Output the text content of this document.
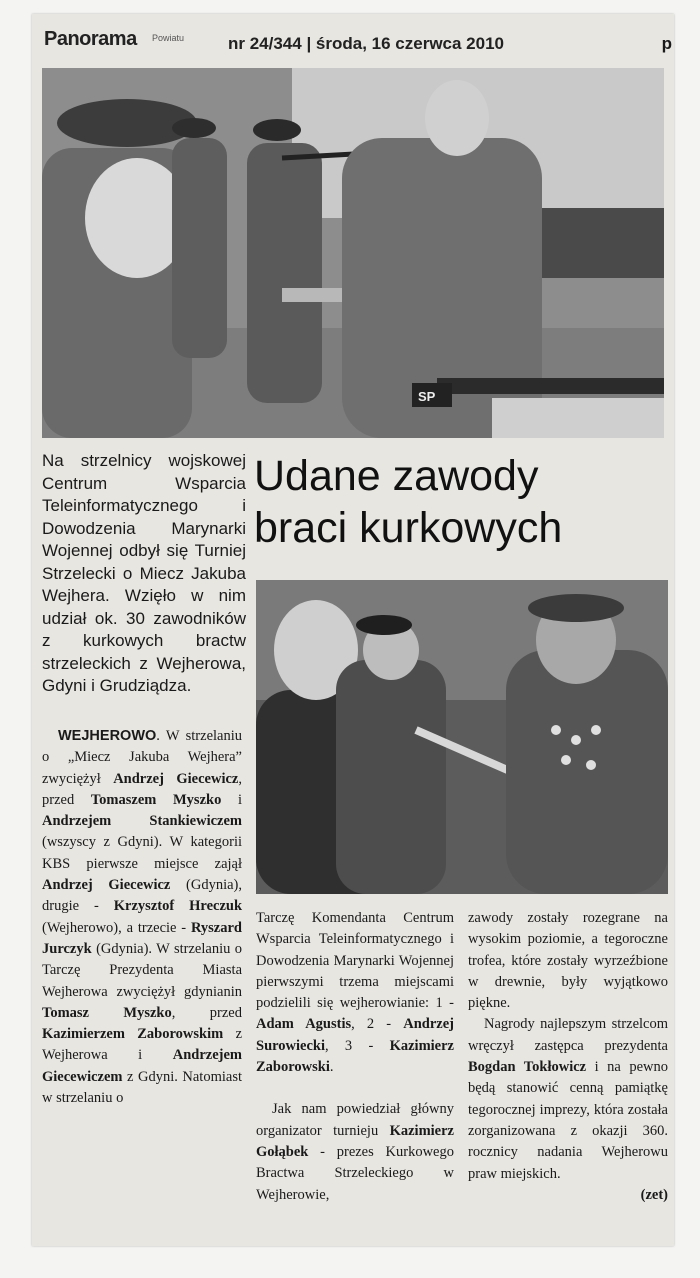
Panorama Powiatu	nr 24/344 | środa, 16 czerwca 2010	p
SP
Udane zawody
braci kurkowych
Na strzelnicy wojskowej Centrum Wsparcia Teleinformatycznego i Dowodzenia Marynarki Wojennej odbył się Turniej Strzelecki o Miecz Jakuba Wejhera. Wzięło w nim udział ok. 30 zawodników z kurkowych bractw strzeleckich z Wejherowa, Gdyni i Grudziądza.

WEJHEROWO. W strzelaniu o „Miecz Jakuba Wejhera” zwyciężył Andrzej Giecewicz, przed Tomaszem Myszko i Andrzejem Stankiewiczem (wszyscy z Gdyni). W kategorii KBS pierwsze miejsce zajął Andrzej Giecewicz (Gdynia), drugie - Krzysztof Hreczuk (Wejherowo), a trzecie - Ryszard Jurczyk (Gdynia). W strzelaniu o Tarczę Prezydenta Miasta Wejherowa zwyciężył gdynianin Tomasz Myszko, przed Kazimierzem Zaborowskim z Wejherowa i Andrzejem Giecewiczem z Gdyni. Natomiast w strzelaniu o

Tarczę Komendanta Centrum Wsparcia Teleinformatycznego i Dowodzenia Marynarki Wojennej pierwszymi trzema miejscami podzielili się wejherowianie: 1 - Adam Agustis, 2 - Andrzej Surowiecki, 3 - Kazimierz Zaborowski.

Jak nam powiedział główny organizator turnieju Kazimierz Gołąbek - prezes Kurkowego Bractwa Strzeleckiego w Wejherowie,

zawody zostały rozegrane na wysokim poziomie, a tegoroczne trofea, które zostały wyrzeźbione w drewnie, były wyjątkowo piękne.

Nagrody najlepszym strzelcom wręczył zastępca prezydenta Bogdan Tokłowicz i na pewno będą stanowić cenną pamiątkę tegorocznej imprezy, która została zorganizowana z okazji 360. rocznicy nadania Wejherowu praw miejskich.

(zet)
